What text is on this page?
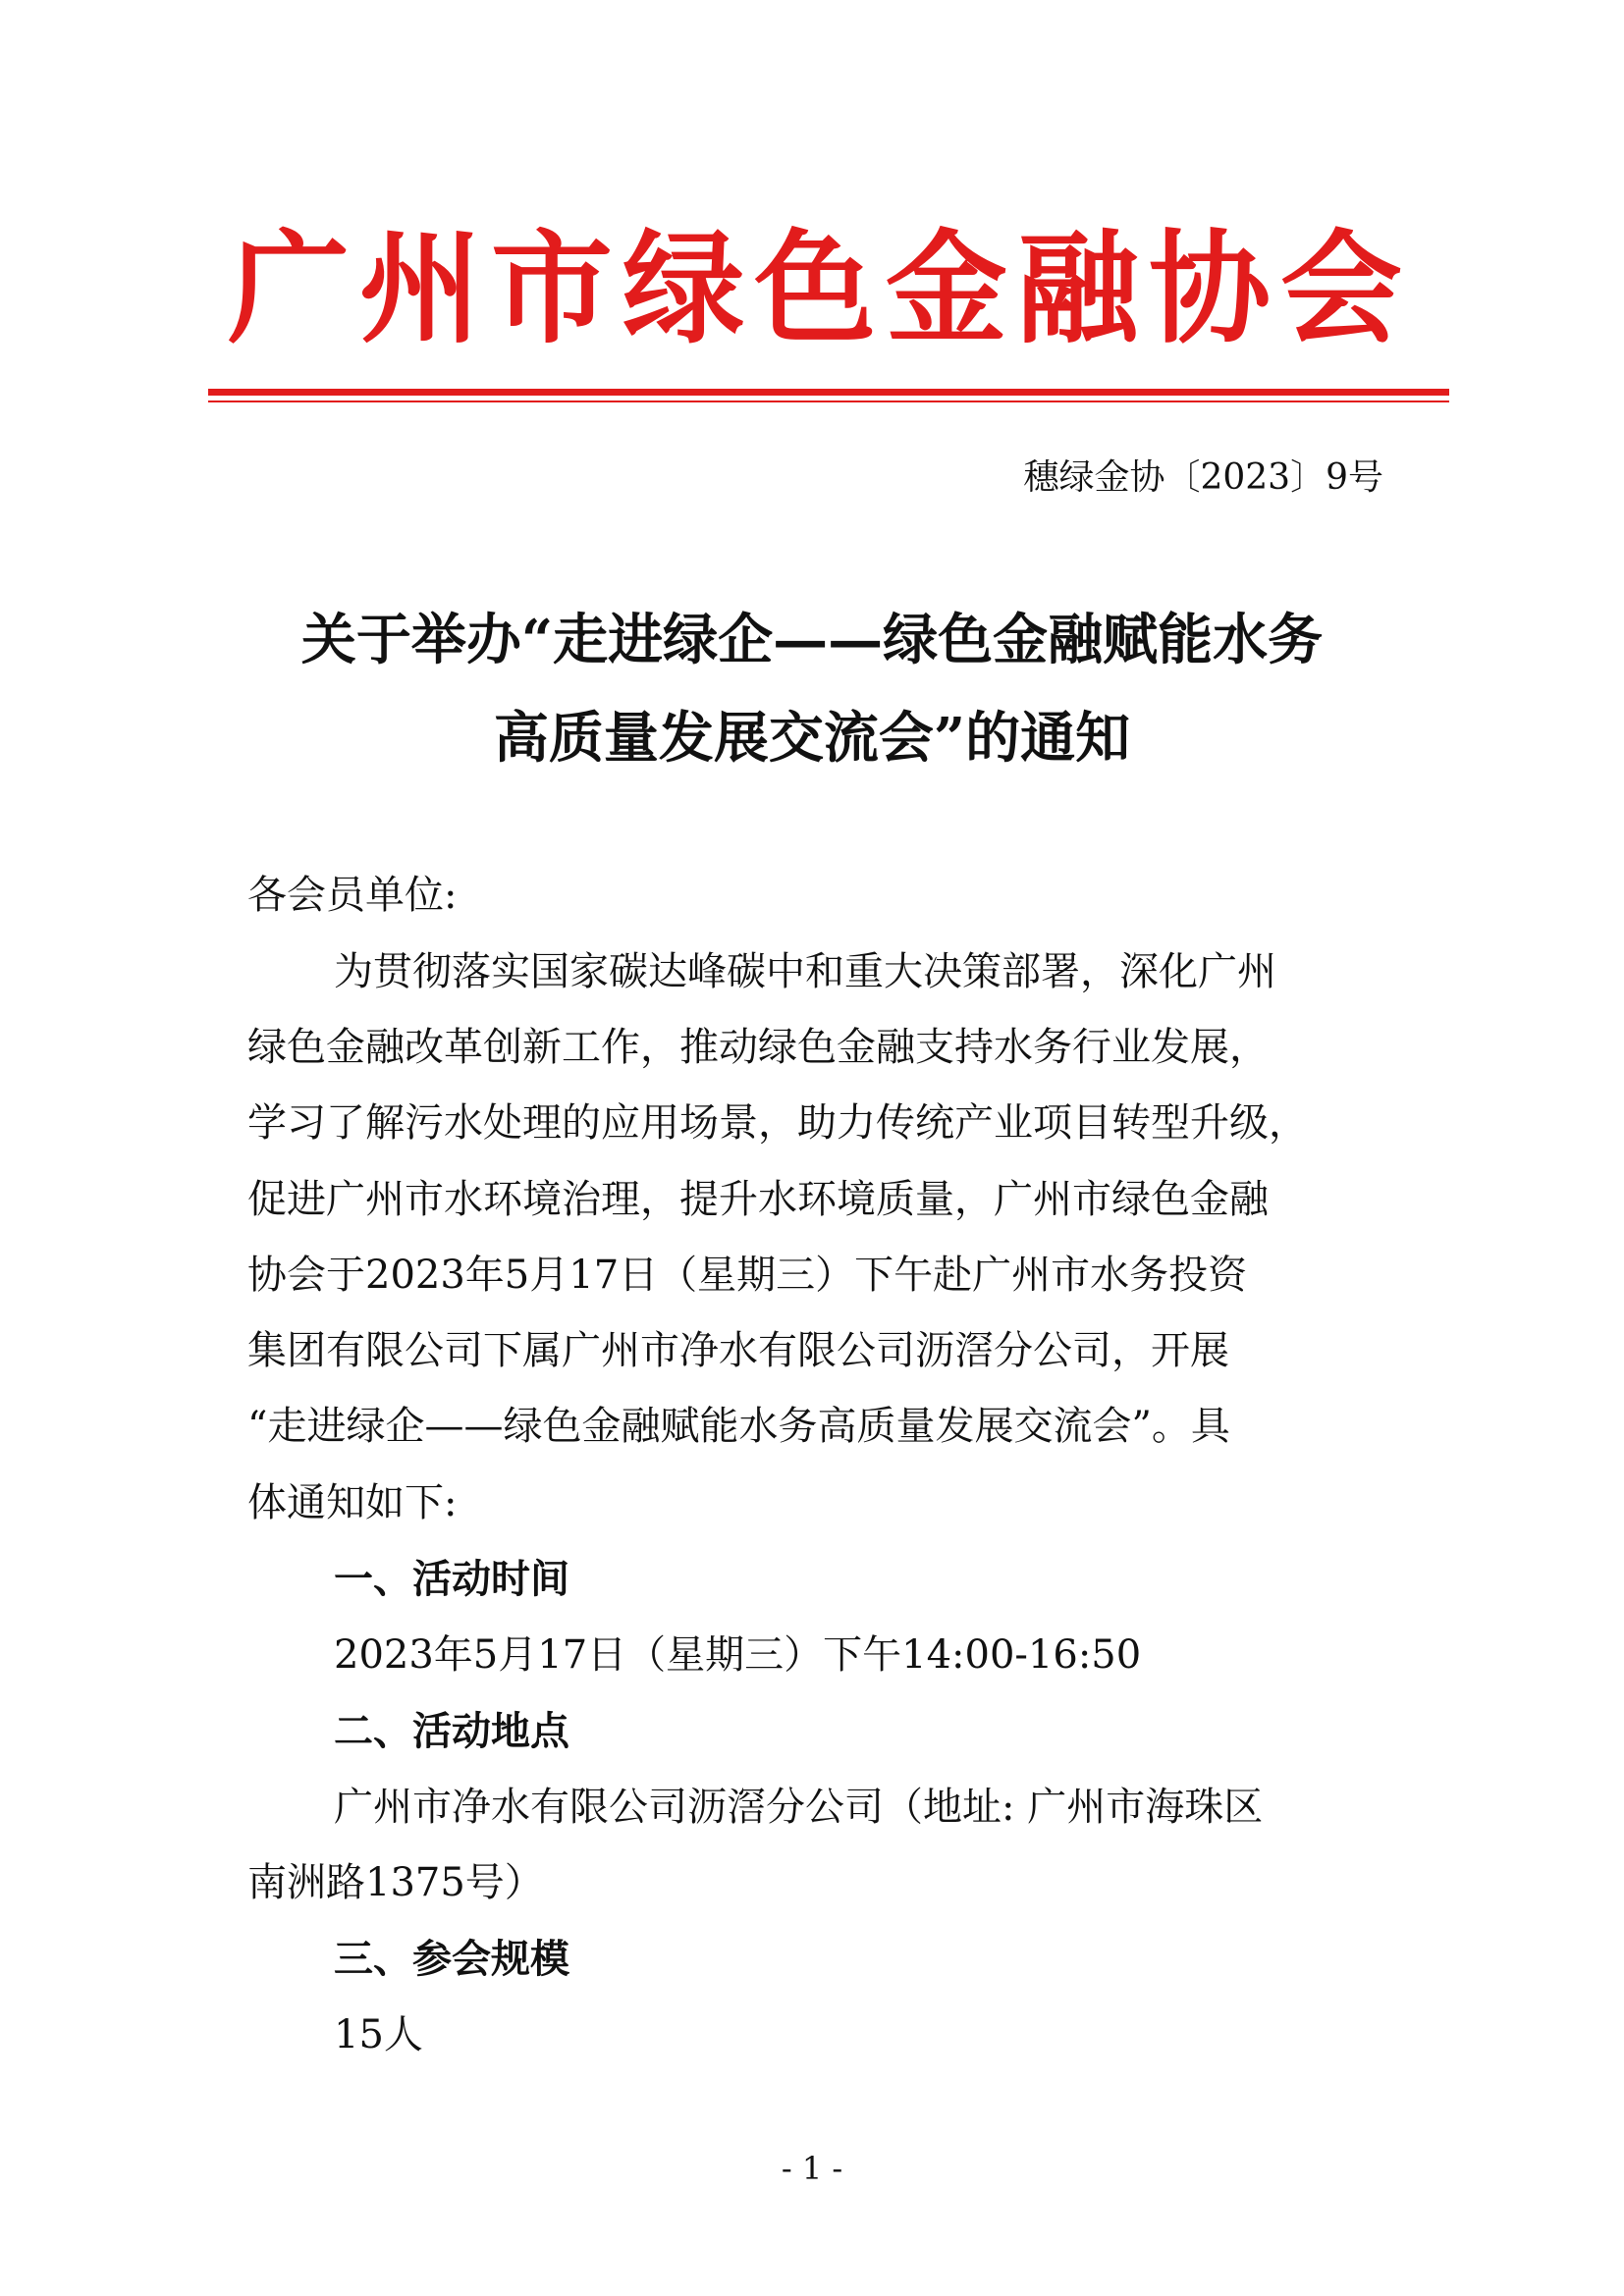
广州市绿色金融协会
穗绿金协〔2023〕9号
关于举办“走进绿企——绿色金融赋能水务
高质量发展交流会”的通知
各会员单位:
为贯彻落实国家碳达峰碳中和重大决策部署，深化广州
绿色金融改革创新工作，推动绿色金融支持水务行业发展，
学习了解污水处理的应用场景，助力传统产业项目转型升级，
促进广州市水环境治理，提升水环境质量，广州市绿色金融
协会于2023年5月17日（星期三）下午赴广州市水务投资
集团有限公司下属广州市净水有限公司沥滘分公司，开展
“走进绿企——绿色金融赋能水务高质量发展交流会”。具
体通知如下:
一、活动时间
2023年5月17日（星期三）下午14:00-16:50
二、活动地点
广州市净水有限公司沥滘分公司（地址: 广州市海珠区
南洲路1375号）
三、参会规模
15人
- 1 -
